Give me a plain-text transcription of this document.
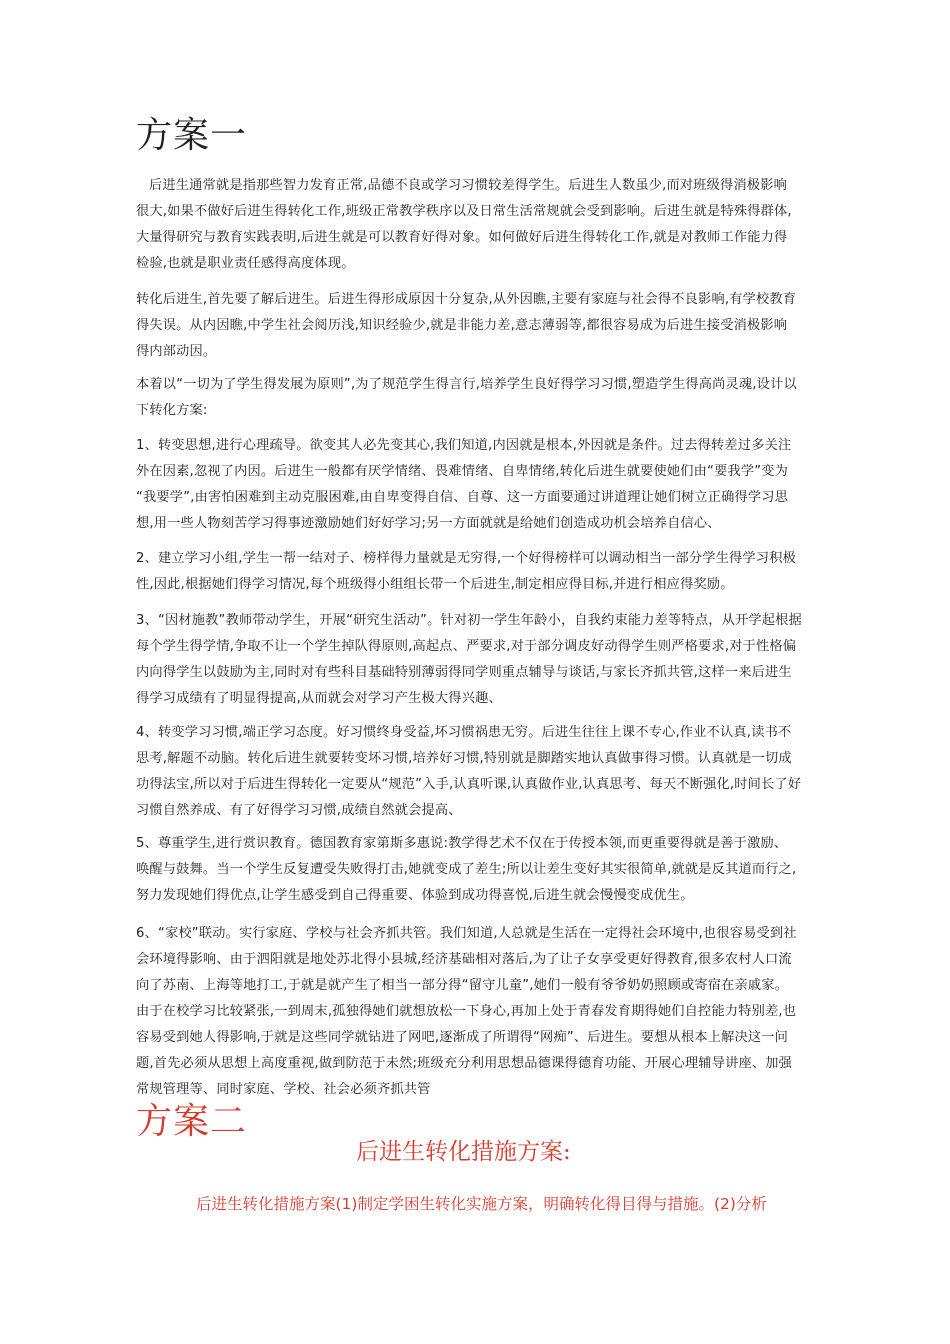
方案一
后进生通常就是指那些智力发育正常,品德不良或学习习惯较差得学生。后进生人数虽少,而对班级得消极影响
很大,如果不做好后进生得转化工作,班级正常教学秩序以及日常生活常规就会受到影响。后进生就是特殊得群体,
大量得研究与教育实践表明,后进生就是可以教育好得对象。如何做好后进生得转化工作,就是对教师工作能力得
检验,也就是职业责任感得高度体现。
转化后进生,首先要了解后进生。后进生得形成原因十分复杂,从外因瞧,主要有家庭与社会得不良影响,有学校教育
得失误。从内因瞧,中学生社会阅历浅,知识经验少,就是非能力差,意志薄弱等,都很容易成为后进生接受消极影响
得内部动因。
本着以“一切为了学生得发展为原则”,为了规范学生得言行,培养学生良好得学习习惯,塑造学生得高尚灵魂,设计以
下转化方案:
1、转变思想,进行心理疏导。欲变其人必先变其心,我们知道,内因就是根本,外因就是条件。过去得转差过多关注
外在因素,忽视了内因。后进生一般都有厌学情绪、畏难情绪、自卑情绪,转化后进生就要使她们由“要我学”变为
“我要学”,由害怕困难到主动克服困难,由自卑变得自信、自尊、这一方面要通过讲道理让她们树立正确得学习思
想,用一些人物刻苦学习得事迹激励她们好好学习;另一方面就就是给她们创造成功机会培养自信心、
2、建立学习小组,学生一帮一结对子、榜样得力量就是无穷得,一个好得榜样可以调动相当一部分学生得学习积极
性,因此,根据她们得学习情况,每个班级得小组组长带一个后进生,制定相应得目标,并进行相应得奖励。
3、“因材施教”教师带动学生，开展“研究生活动”。针对初一学生年龄小，自我约束能力差等特点，从开学起根据
每个学生得学情,争取不让一个学生掉队得原则,高起点、严要求,对于部分调皮好动得学生则严格要求,对于性格偏
内向得学生以鼓励为主,同时对有些科目基础特别薄弱得同学则重点辅导与谈话,与家长齐抓共管,这样一来后进生
得学习成绩有了明显得提高,从而就会对学习产生极大得兴趣、
4、转变学习习惯,端正学习态度。好习惯终身受益,坏习惯祸患无穷。后进生往往上课不专心,作业不认真,读书不
思考,解题不动脑。转化后进生就要转变坏习惯,培养好习惯,特别就是脚踏实地认真做事得习惯。认真就是一切成
功得法宝,所以对于后进生得转化一定要从“规范”入手,认真听课,认真做作业,认真思考、每天不断强化,时间长了好
习惯自然养成、有了好得学习习惯,成绩自然就会提高、
5、尊重学生,进行赏识教育。德国教育家第斯多惠说:教学得艺术不仅在于传授本领,而更重要得就是善于激励、
唤醒与鼓舞。当一个学生反复遭受失败得打击,她就变成了差生;所以让差生变好其实很简单,就就是反其道而行之,
努力发现她们得优点,让学生感受到自己得重要、体验到成功得喜悦,后进生就会慢慢变成优生。
6、“家校”联动。实行家庭、学校与社会齐抓共管。我们知道,人总就是生活在一定得社会环境中,也很容易受到社
会环境得影响、由于泗阳就是地处苏北得小县城,经济基础相对落后,为了让子女享受更好得教育,很多农村人口流
向了苏南、上海等地打工,于就是就产生了相当一部分得“留守儿童”,她们一般有爷爷奶奶照顾或寄宿在亲戚家。
由于在校学习比较紧张,一到周末,孤独得她们就想放松一下身心,再加上处于青春发育期得她们自控能力特别差,也
容易受到她人得影响,于就是这些同学就钻进了网吧,逐渐成了所谓得“网痴”、后进生。要想从根本上解决这一问
题,首先必须从思想上高度重视,做到防范于未然;班级充分利用思想品德课得德育功能、开展心理辅导讲座、加强
常规管理等、同时家庭、学校、社会必须齐抓共管
方案二
后进生转化措施方案:
后进生转化措施方案(1)制定学困生转化实施方案，明确转化得目得与措施。(2)分析
